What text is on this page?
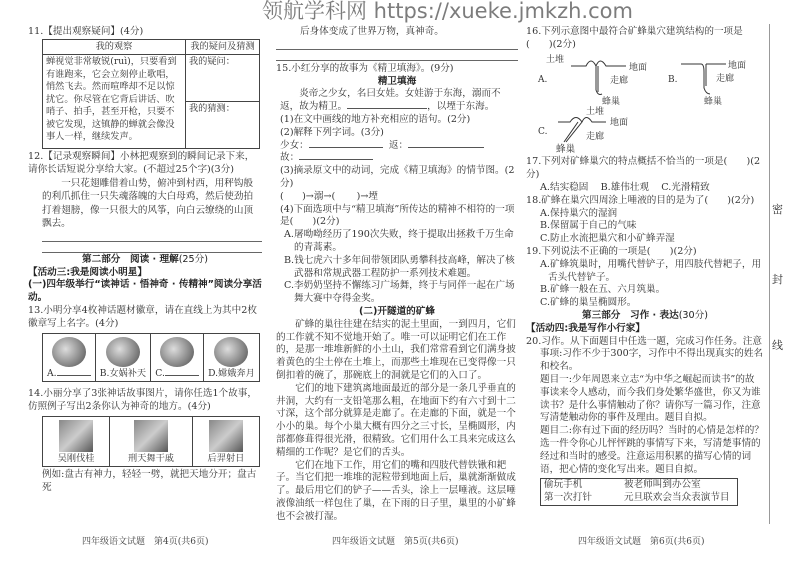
11.【提出观察疑问】(4分)

我的观察	我的疑问及猜测
蝉视觉非常敏锐(ruì)，只要看到有谁跑来，它会立刻停止歌唱，悄然飞去。然而喧哗却不足以惊扰它。你尽管在它背后讲话、吹哨子、拍手，甚至开枪，只要不被它发现，这镇静的蝉就会像没事人一样，继续发声。	我的疑问：
	我的猜测：

12.【记录观察瞬间】小林把观察到的瞬间记录下来，请你长话短说分享给大家。(不超过25个字)(3分)

一只花翅雕借着山势，俯冲到村西，用秤钩般的利爪抓住一只失魂落魄的大白母鸡，然后使劲拍打着翅膀，像一只很大的风筝，向白云缭绕的山顶飘去。

第二部分　阅读 · 理解(25分)

【活动三:我是阅读小明星】

(一)四年级举行“读神话 · 悟神奇 · 传精神”阅读分享活动。

13.小明分享4枚神话题材徽章，请在直线上为其中2枚徽章写上名字。(4分)

A.	B.女娲补天	C.	D.嫦娥奔月

14.小丽分享了3张神话故事图片，请你任选1个故事，仿照例子写出2条你认为神奇的地方。(4分)

吴刚伐桂	刑天舞干戚	后羿射日

例如:盘古有神力，轻轻一劈，就把天地分开；盘古死

四年级语文试题　第4页(共6页)

后身体变成了世界万物，真神奇。

15.小红分享的故事为《精卫填海》。(9分)

精卫填海

炎帝之少女，名曰女娃。女娃游于东海，溺而不返，故为精卫。	，以堙于东海。

(1)在文中画线的地方补充相应的语句。(2分)

(2)解释下列字词。(3分)

少女：	返：

故：

(3)摘录原文中的动词，完成《精卫填海》的情节图。(2分)

( )→溺→( )→堙

(4)下面选项中与“精卫填海”所传达的精神不相符的一项是(　　)(2分)

A.屠呦呦经历了190次失败，终于提取出拯救千万生命的青蒿素。

B.钱七虎六十多年间带领团队勇攀科技高峰，解决了核武器和常规武器工程防护一系列技术难题。

C.李奶奶坚持不懈练习广场舞，终于与同伴一起在广场舞大赛中夺得金奖。

(二)开隧道的矿蜂

矿蜂的巢往往建在结实的泥土里面，一到四月，它们的工作就不知不觉地开始了。唯一可以证明它们在工作的，是那一堆堆新鲜的小土山，我们常常看到它们满身披着黄色的尘土停在土堆上，而那些土堆现在已变得像一只倒扣着的碗了，那碗底上的洞就是它们的入口了。

它们的地下建筑离地面最近的部分是一条几乎垂直的井洞，大约有一支铅笔那么粗，在地面下约有六寸到十二寸深，这个部分就算是走廊了。在走廊的下面，就是一个小小的巢。每个小巢大概有四分之三寸长，呈椭圆形，内部都修葺得很光滑，很精致。它们用什么工具来完成这么精细的工作呢？是它们的舌头。

它们在地下工作，用它们的嘴和四肢代替铁锹和耙子。当它们把一堆堆的泥粒带到地面上后，巢就渐渐做成了。最后用它们的铲子——舌头，涂上一层唾液。这层唾液像油纸一样包住了巢，在下雨的日子里，巢里的小矿蜂也不会被打湿。

四年级语文试题　第5页(共6页)

16.下列示意图中最符合矿蜂巢穴建筑结构的一项是(　　)(2分)

A.
土堆
地面
走廊
蜂巢
B.
地面
走廊
蜂巢
C.
土堆
地面
走廊

蜂巢

17.下列对矿蜂巢穴的特点概括不恰当的一项是(　　)(2分)

A.结实稳固 B.雄伟壮观 C.光滑精致

18.矿蜂在巢穴四周涂上唾液的目的是为了(　　)(2分)

A.保持巢穴的湿润

B.保留属于自己的气味

C.防止水流把巢穴和小矿蜂弄湿

19.下列说法不正确的一项是(　　)(2分)

A.矿蜂筑巢时，用嘴代替铲子，用四肢代替耙子，用舌头代替铲子。

B.矿蜂一般在五、六月筑巢。

C.矿蜂的巢呈椭圆形。

第三部分　习作 · 表达(30分)

【活动四:我是写作小行家】

20.习作。从下面题目中任选一题，完成习作任务。注意事项:习作不少于300字，习作中不得出现真实的姓名和校名。

题目一:少年周恩来立志“为中华之崛起而读书”的故事读来令人感动，而今我们身处繁华盛世，你又为谁读书？是什么事情触动了你？请你写一篇习作，注意写清楚触动你的事件及理由。题目自拟。

题目二:你有过下面的经历吗？当时的心情是怎样的？选一件令你心儿怦怦跳的事情写下来，写清楚事情的经过和当时的感受。注意运用积累的描写心情的词语，把心情的变化写出来。题目自拟。

偷玩手机	被老师叫到办公室
第一次打针	元旦联欢会当众表演节目
四年级语文试题　第6页(共6页)
密
封
线
领航学科网 https://xueke.jmkzh.com
